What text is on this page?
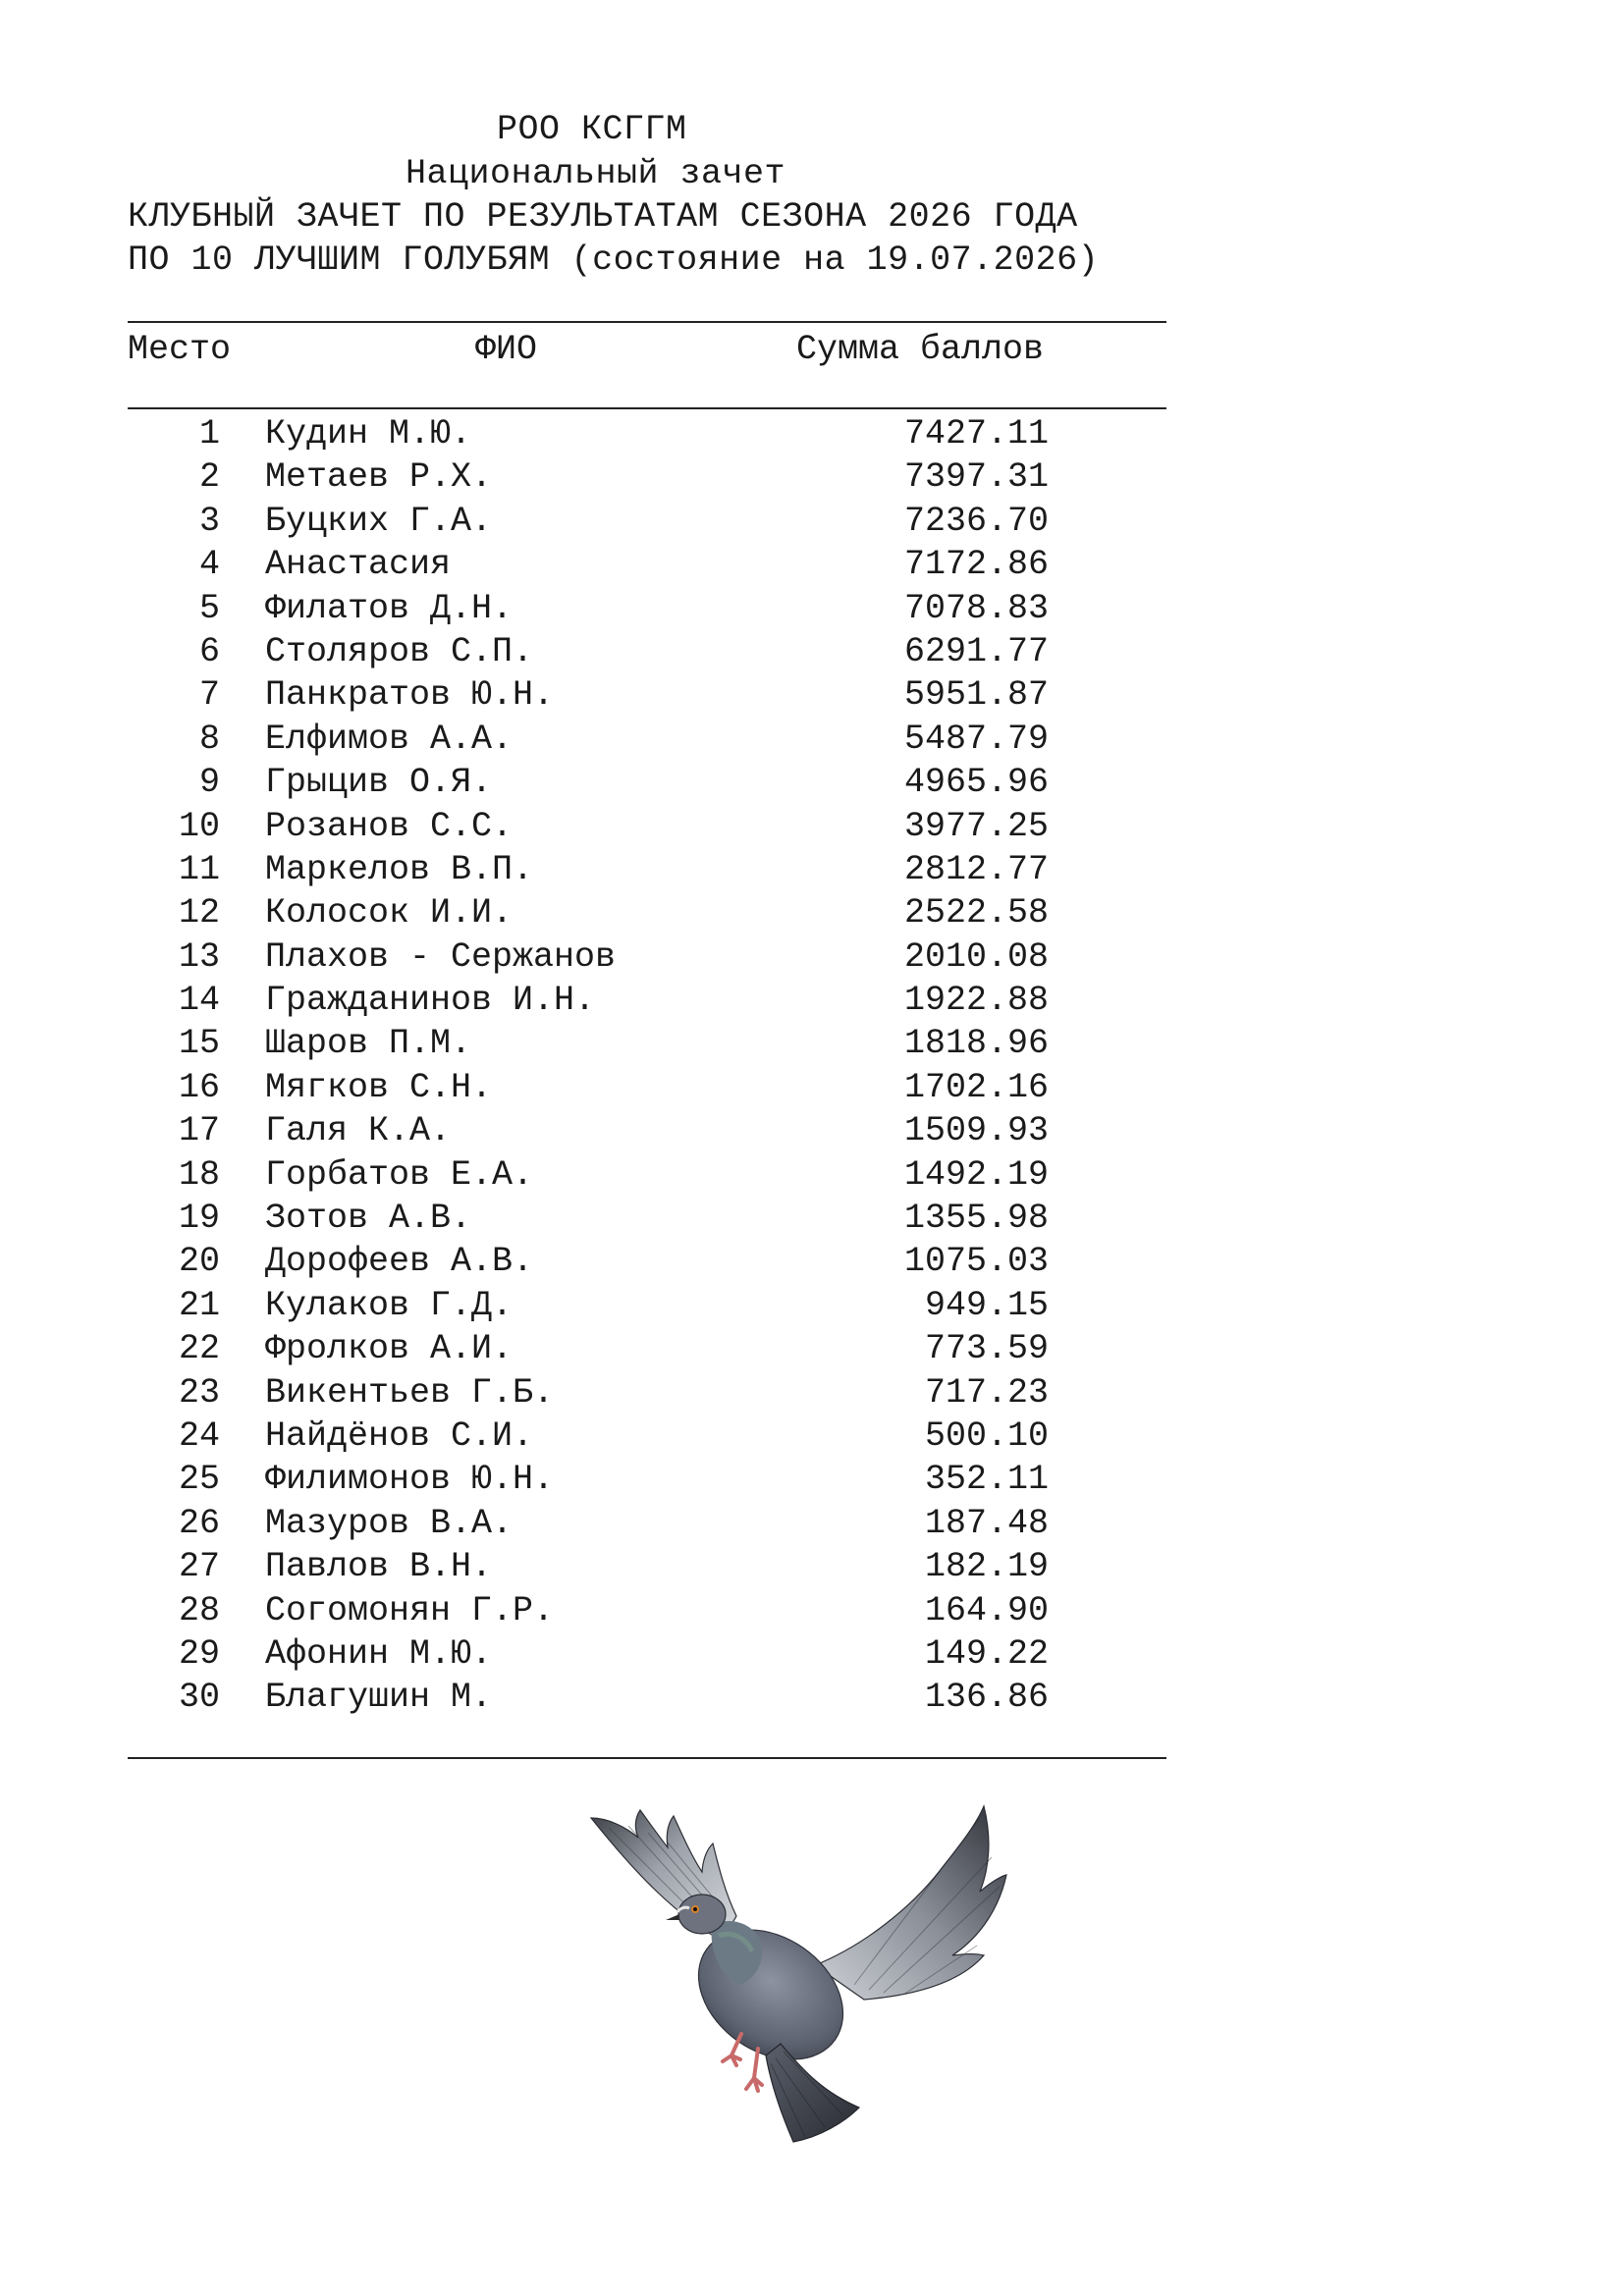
РОО КСГГМ
Национальный зачет
КЛУБНЫЙ ЗАЧЕТ ПО РЕЗУЛЬТАТАМ СЕЗОНА 2026 ГОДА
ПО 10 ЛУЧШИМ ГОЛУБЯМ (состояние на 19.07.2026)
Место	ФИО	Сумма баллов
1 Кудин М.Ю.	7427.11
2 Метаев Р.Х.	7397.31
3 Буцких Г.А.	7236.70
4 Анастасия	7172.86
5 Филатов Д.Н.	7078.83
6 Столяров С.П.	6291.77
7 Панкратов Ю.Н.	5951.87
8 Елфимов А.А.	5487.79
9 Грыцив О.Я.	4965.96
10 Розанов С.С.	3977.25
11 Маркелов В.П.	2812.77
12 Колосок И.И.	2522.58
13 Плахов - Сержанов	2010.08
14 Гражданинов И.Н.	1922.88
15 Шаров П.М.	1818.96
16 Мягков С.Н.	1702.16
17 Галя К.А.	1509.93
18 Горбатов Е.А.	1492.19
19 Зотов А.В.	1355.98
20 Дорофеев А.В.	1075.03
21 Кулаков Г.Д.	949.15
22 Фролков А.И.	773.59
23 Викентьев Г.Б.	717.23
24 Найдёнов С.И.	500.10
25 Филимонов Ю.Н.	352.11
26 Мазуров В.А.	187.48
27 Павлов В.Н.	182.19
28 Согомонян Г.Р.	164.90
29 Афонин М.Ю.	149.22
30 Благушин М.	136.86
